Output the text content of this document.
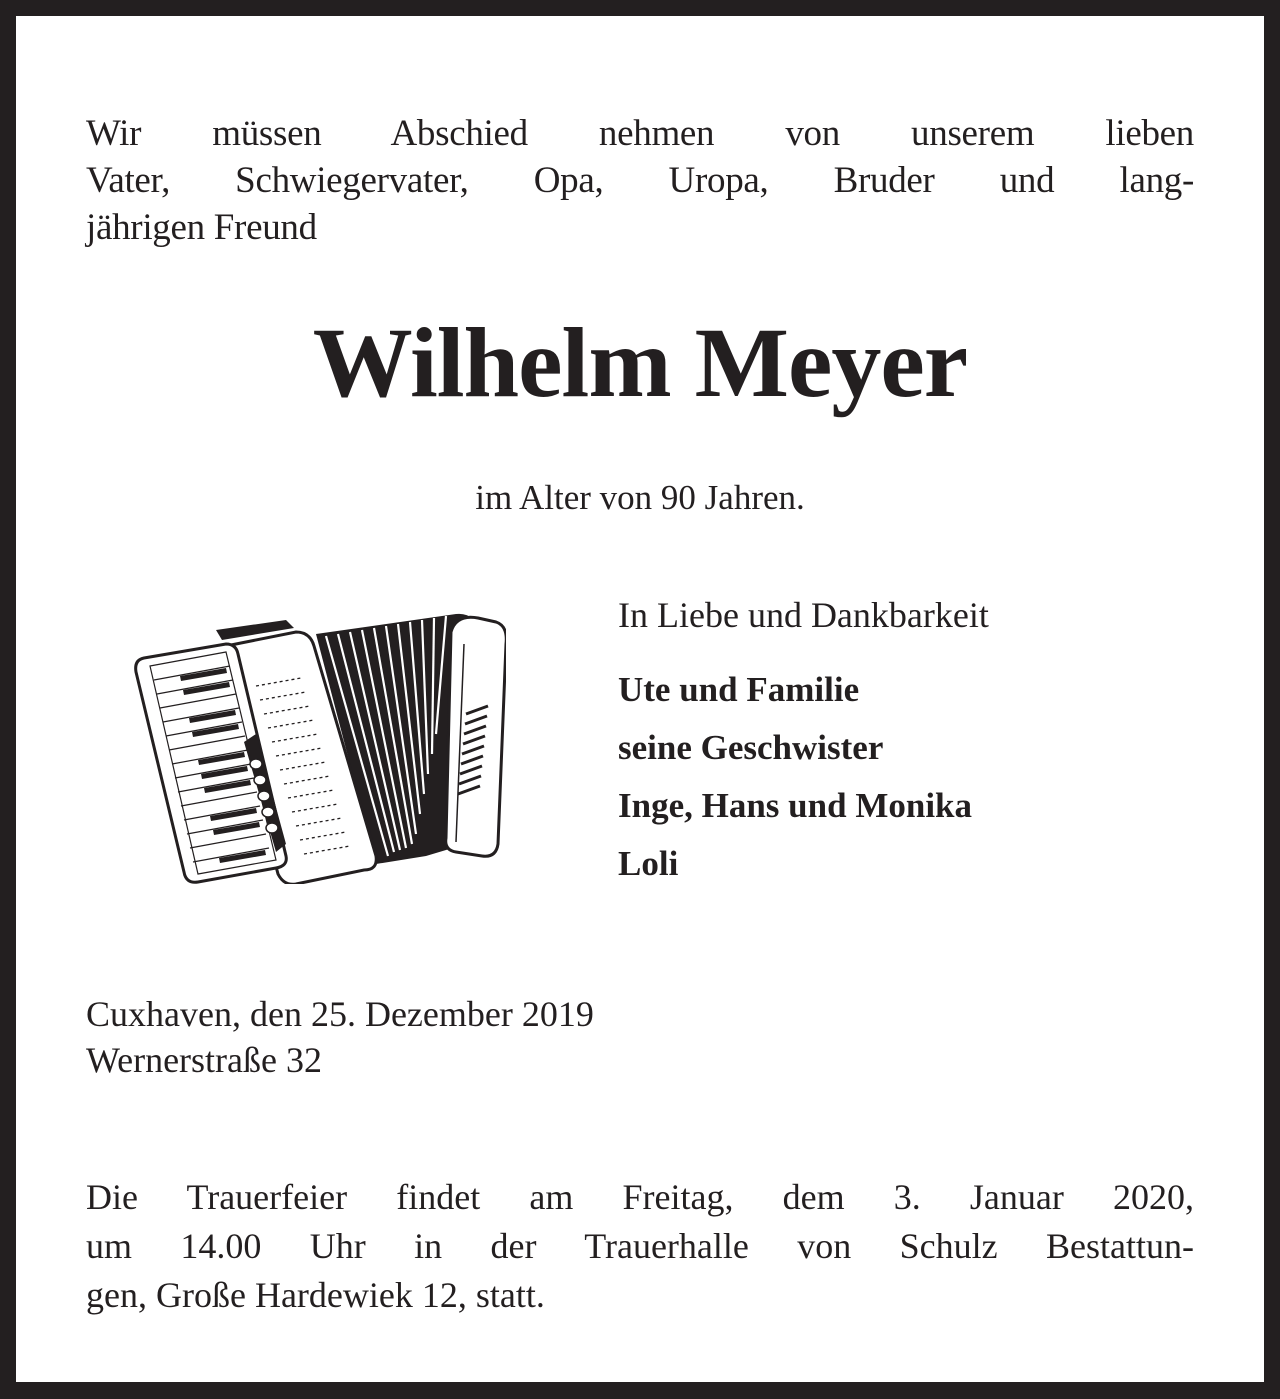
Wir müssen Abschied nehmen von unserem lieben
Vater, Schwiegervater, Opa, Uropa, Bruder und lang-
jährigen Freund
Wilhelm Meyer
im Alter von 90 Jahren.
In Liebe und Dankbarkeit
Ute und Familie
seine Geschwister
Inge, Hans und Monika
Loli
Cuxhaven, den 25. Dezember 2019
Wernerstraße 32
Die Trauerfeier findet am Freitag, dem 3. Januar 2020,
um 14.00 Uhr in der Trauerhalle von Schulz Bestattun-
gen, Große Hardewiek 12, statt.
